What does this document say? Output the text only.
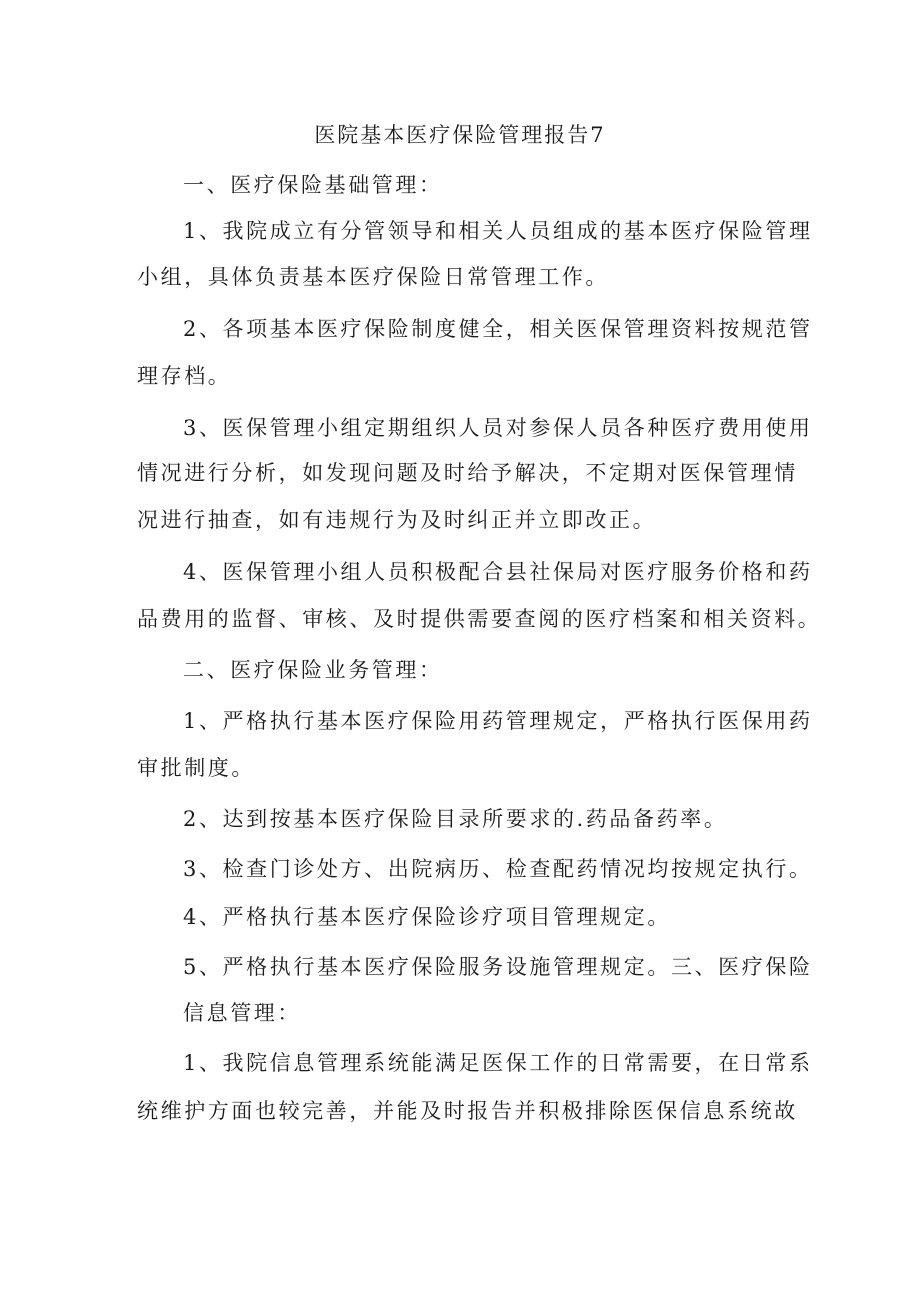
医院基本医疗保险管理报告7
一、医疗保险基础管理：
1、我院成立有分管领导和相关人员组成的基本医疗保险管理
小组，具体负责基本医疗保险日常管理工作。
2、各项基本医疗保险制度健全，相关医保管理资料按规范管
理存档。
3、医保管理小组定期组织人员对参保人员各种医疗费用使用
情况进行分析，如发现问题及时给予解决，不定期对医保管理情
况进行抽查，如有违规行为及时纠正并立即改正。
4、医保管理小组人员积极配合县社保局对医疗服务价格和药
品费用的监督、审核、及时提供需要查阅的医疗档案和相关资料。
二、医疗保险业务管理：
1、严格执行基本医疗保险用药管理规定，严格执行医保用药
审批制度。
2、达到按基本医疗保险目录所要求的.药品备药率。
3、检查门诊处方、出院病历、检查配药情况均按规定执行。
4、严格执行基本医疗保险诊疗项目管理规定。
5、严格执行基本医疗保险服务设施管理规定。三、医疗保险
信息管理：
1、我院信息管理系统能满足医保工作的日常需要，在日常系
统维护方面也较完善，并能及时报告并积极排除医保信息系统故
